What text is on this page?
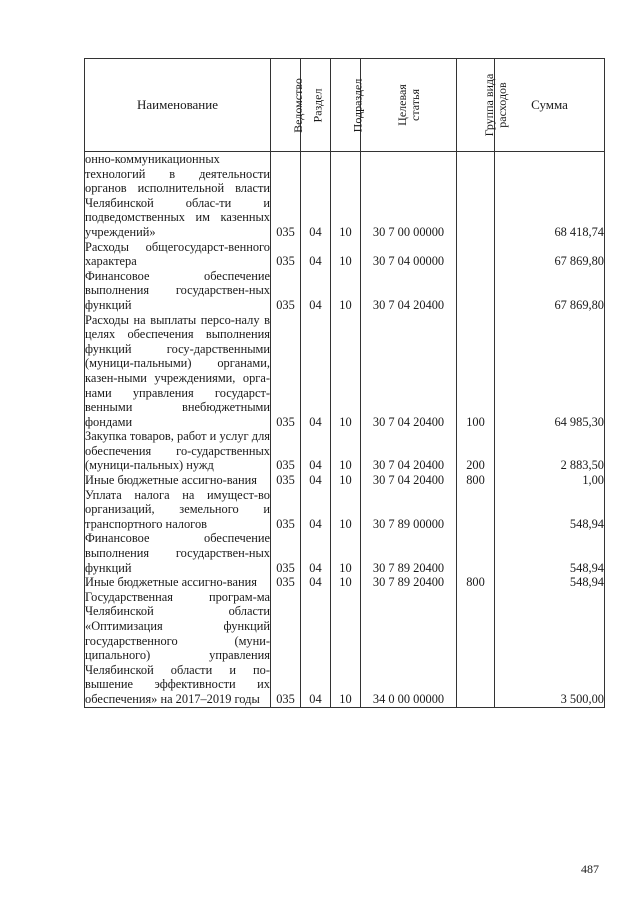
Наименование	Ведомство	Раздел	Подраздел	Целевая статья	Группа вида расходов	Сумма
онно-коммуникационных технологий в деятельности органов исполнительной власти Челябинской облас-ти и подведомственных им казенных учреждений»	035	04	10	30 7 00 00000		68 418,74
Расходы общегосударст-венного характера	035	04	10	30 7 04 00000		67 869,80
Финансовое обеспечение выполнения государствен-ных функций	035	04	10	30 7 04 20400		67 869,80
Расходы на выплаты персо-налу в целях обеспечения выполнения функций госу-дарственными (муници-пальными) органами, казен-ными учреждениями, орга-нами управления государст-венными внебюджетными фондами	035	04	10	30 7 04 20400	100	64 985,30
Закупка товаров, работ и услуг для обеспечения го-сударственных (муници-пальных) нужд	035	04	10	30 7 04 20400	200	2 883,50
Иные бюджетные ассигно-вания	035	04	10	30 7 04 20400	800	1,00
Уплата налога на имущест-во организаций, земельного и транспортного налогов	035	04	10	30 7 89 00000		548,94
Финансовое обеспечение выполнения государствен-ных функций	035	04	10	30 7 89 20400		548,94
Иные бюджетные ассигно-вания	035	04	10	30 7 89 20400	800	548,94
Государственная програм-ма Челябинской области «Оптимизация функций государственного (муни-ципального) управления Челябинской области и по-вышение эффективности их обеспечения» на 2017–2019 годы	035	04	10	34 0 00 00000		3 500,00
487
